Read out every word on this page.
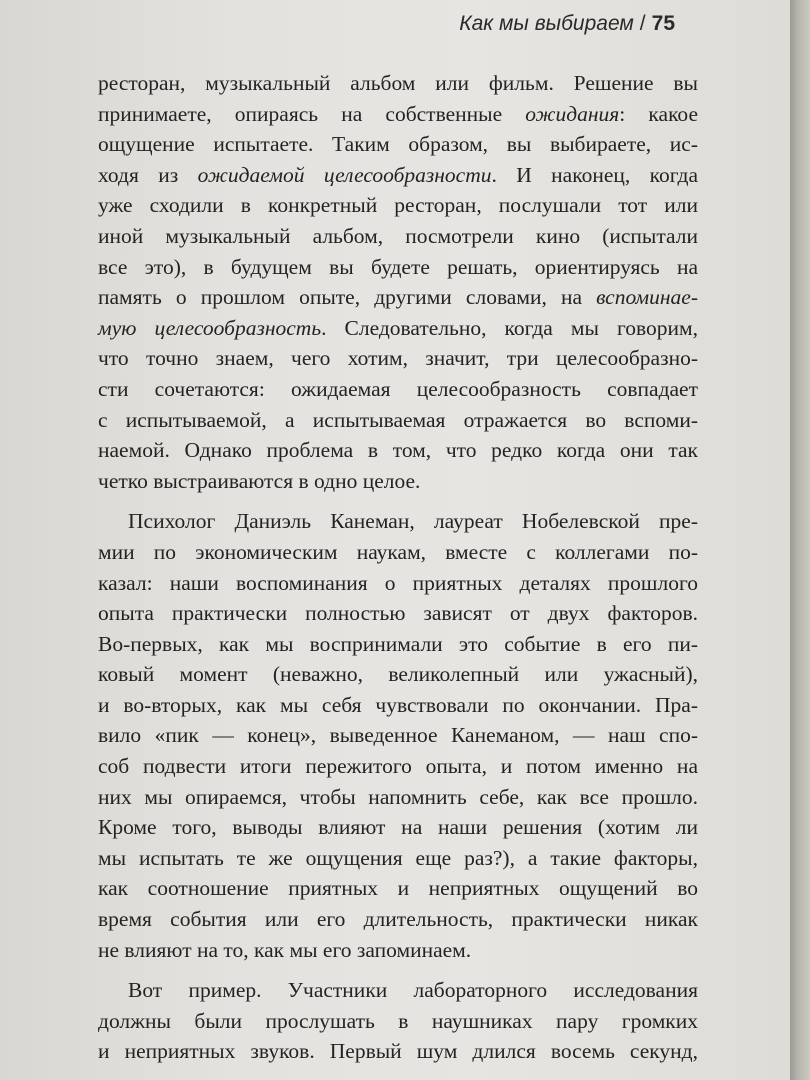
Как мы выбираем / 75
ресторан, музыкальный альбом или фильм. Решение вы
принимаете, опираясь на собственные ожидания: какое
ощущение испытаете. Таким образом, вы выбираете, ис-
ходя из ожидаемой целесообразности. И наконец, когда
уже сходили в конкретный ресторан, послушали тот или
иной музыкальный альбом, посмотрели кино (испытали
все это), в будущем вы будете решать, ориентируясь на
память о прошлом опыте, другими словами, на вспоминае-
мую целесообразность. Следовательно, когда мы говорим,
что точно знаем, чего хотим, значит, три целесообразно-
сти сочетаются: ожидаемая целесообразность совпадает
с испытываемой, а испытываемая отражается во вспоми-
наемой. Однако проблема в том, что редко когда они так
четко выстраиваются в одно целое.
Психолог Даниэль Канеман, лауреат Нобелевской пре-
мии по экономическим наукам, вместе с коллегами по-
казал: наши воспоминания о приятных деталях прошлого
опыта практически полностью зависят от двух факторов.
Во-первых, как мы воспринимали это событие в его пи-
ковый момент (неважно, великолепный или ужасный),
и во-вторых, как мы себя чувствовали по окончании. Пра-
вило «пик — конец», выведенное Канеманом, — наш спо-
соб подвести итоги пережитого опыта, и потом именно на
них мы опираемся, чтобы напомнить себе, как все прошло.
Кроме того, выводы влияют на наши решения (хотим ли
мы испытать те же ощущения еще раз?), а такие факторы,
как соотношение приятных и неприятных ощущений во
время события или его длительность, практически никак
не влияют на то, как мы его запоминаем.
Вот пример. Участники лабораторного исследования
должны были прослушать в наушниках пару громких
и неприятных звуков. Первый шум длился восемь секунд,
